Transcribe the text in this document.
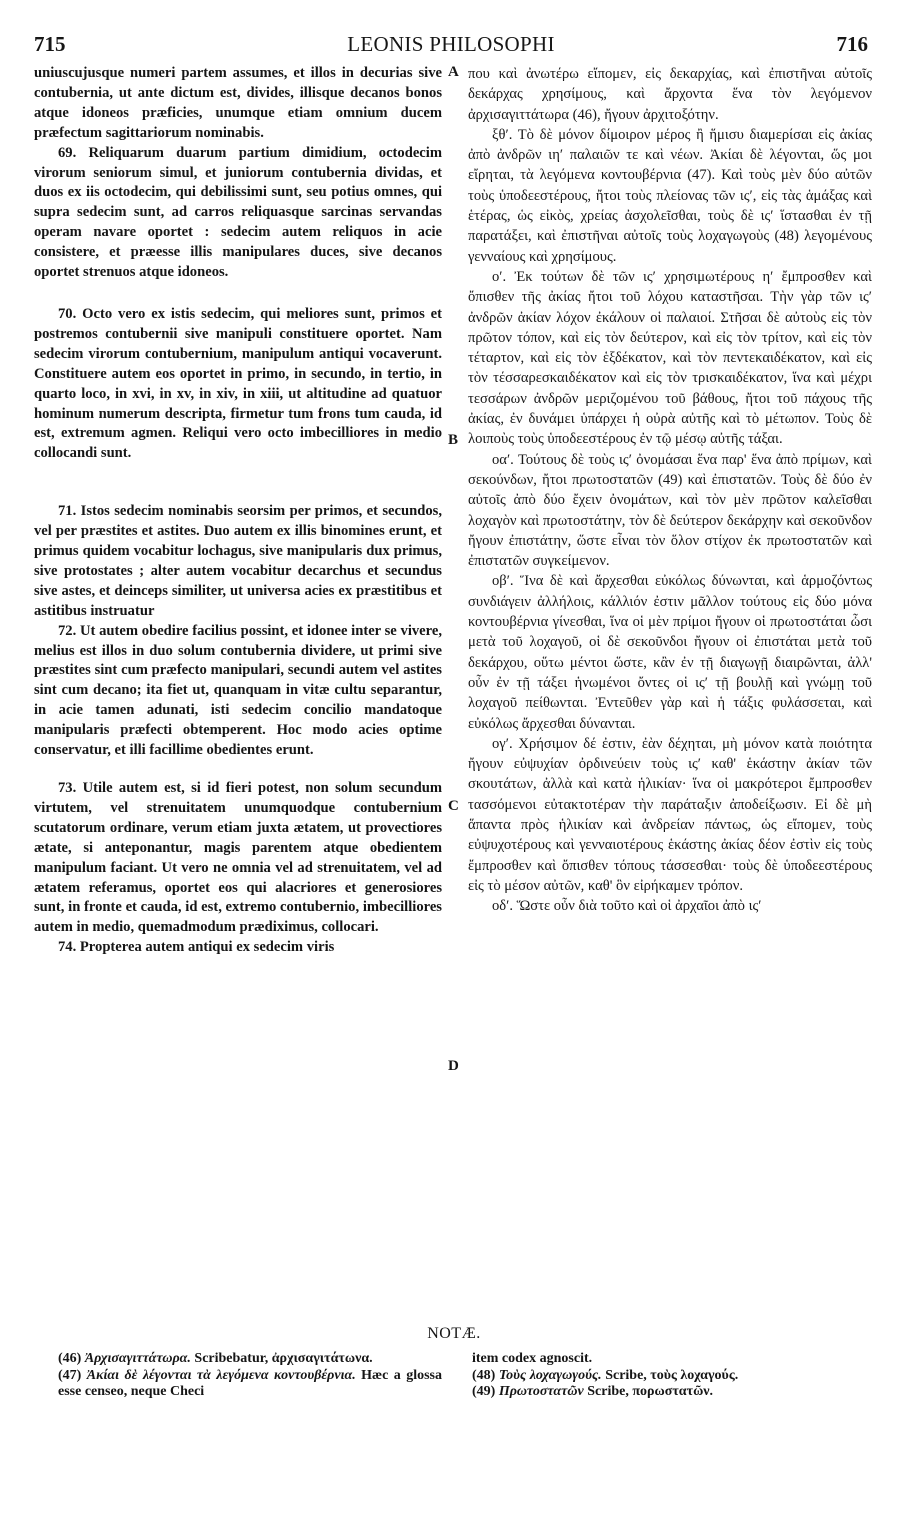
715	LEONIS PHILOSOPHI	716

uniuscujusque numeri partem assumes, et illos in decurias sive contubernia, ut ante dictum est, divides, illisque decanos bonos atque idoneos præficies, unumque etiam omnium ducem præfectum sagittariorum nominabis.

69. Reliquarum duarum partium dimidium, octodecim virorum seniorum simul, et juniorum contubernia dividas, et duos ex iis octodecim, qui debilissimi sunt, seu potius omnes, qui supra sedecim sunt, ad carros reliquasque sarcinas servandas operam navare oportet : sedecim autem reliquos in acie consistere, et præesse illis manipulares duces, sive decanos oportet strenuos atque idoneos.

70. Octo vero ex istis sedecim, qui meliores sunt, primos et postremos contubernii sive manipuli constituere oportet. Nam sedecim virorum contubernium, manipulum antiqui vocaverunt. Constituere autem eos oportet in primo, in secundo, in tertio, in quarto loco, in xvi, in xv, in xiv, in xiii, ut altitudine ad quatuor hominum numerum descripta, firmetur tum frons tum cauda, id est, extremum agmen. Reliqui vero octo imbecilliores in medio collocandi sunt.

71. Istos sedecim nominabis seorsim per primos, et secundos, vel per præstites et astites. Duo autem ex illis binomines erunt, et primus quidem vocabitur lochagus, sive manipularis dux primus, sive protostates ; alter autem vocabitur decarchus et secundus sive astes, et deinceps similiter, ut universa acies ex præstitibus et astitibus instruatur

72. Ut autem obedire facilius possint, et idonee inter se vivere, melius est illos in duo solum contubernia dividere, ut primi sive præstites sint cum præfecto manipulari, secundi autem vel astites sint cum decano; ita fiet ut, quanquam in vitæ cultu separantur, in acie tamen adunati, isti sedecim concilio mandatoque manipularis præfecti obtemperent. Hoc modo acies optime conservatur, et illi facillime obedientes erunt.

73. Utile autem est, si id fieri potest, non solum secundum virtutem, vel strenuitatem unumquodque contubernium scutatorum ordinare, verum etiam juxta ætatem, ut provectiores ætate, si anteponantur, magis parentem atque obedientem manipulum faciant. Ut vero ne omnia vel ad strenuitatem, vel ad ætatem referamus, oportet eos qui alacriores et generosiores sunt, in fronte et cauda, id est, extremo contubernio, imbecilliores autem in medio, quemadmodum prædiximus, collocari.

74. Propterea autem antiqui ex sedecim viris

A
B
C
D

που καὶ ἀνωτέρω εἴπομεν, εἰς δεκαρχίας, καὶ ἐπιστῆναι αὐτοῖς δεκάρχας χρησίμους, καὶ ἄρχοντα ἕνα τὸν λεγόμενον ἀρχισαγιττάτωρα (46), ἤγουν ἀρχιτοξότην.

ξθʹ. Τὸ δὲ μόνον δίμοιρον μέρος ἢ ἥμισυ διαμερίσαι εἰς ἀκίας ἀπὸ ἀνδρῶν ιηʹ παλαιῶν τε καὶ νέων. Ἀκίαι δὲ λέγονται, ὥς μοι εἴρηται, τὰ λεγόμενα κοντουβέρνια (47). Καὶ τοὺς μὲν δύο αὐτῶν τοὺς ὑποδεεστέρους, ἤτοι τοὺς πλείονας τῶν ιςʹ, εἰς τὰς ἁμάξας καὶ ἑτέρας, ὡς εἰκὸς, χρείας ἀσχολεῖσθαι, τοὺς δὲ ιςʹ ἵστασθαι ἐν τῇ παρατάξει, καὶ ἐπιστῆναι αὐτοῖς τοὺς λοχαγωγοὺς (48) λεγομένους γενναίους καὶ χρησίμους.

οʹ. Ἐκ τούτων δὲ τῶν ιςʹ χρησιμωτέρους ηʹ ἔμπροσθεν καὶ ὄπισθεν τῆς ἀκίας ἤτοι τοῦ λόχου καταστῆσαι. Τὴν γὰρ τῶν ιςʹ ἀνδρῶν ἀκίαν λόχον ἐκάλουν οἱ παλαιοί. Στῆσαι δὲ αὐτοὺς εἰς τὸν πρῶτον τόπον, καὶ εἰς τὸν δεύτερον, καὶ εἰς τὸν τρίτον, καὶ εἰς τὸν τέταρτον, καὶ εἰς τὸν ἑξδέκατον, καὶ τὸν πεντεκαιδέκατον, καὶ εἰς τὸν τέσσαρεσκαιδέκατον καὶ εἰς τὸν τρισκαιδέκατον, ἵνα καὶ μέχρι τεσσάρων ἀνδρῶν μεριζομένου τοῦ βάθους, ἤτοι τοῦ πάχους τῆς ἀκίας, ἐν δυνάμει ὑπάρχει ἡ οὐρὰ αὐτῆς καὶ τὸ μέτωπον. Τοὺς δὲ λοιποὺς τοὺς ὑποδεεστέρους ἐν τῷ μέσῳ αὐτῆς τάξαι.

οαʹ. Τούτους δὲ τοὺς ιςʹ ὀνομάσαι ἕνα παρ' ἕνα ἀπὸ πρίμων, καὶ σεκούνδων, ἤτοι πρωτοστατῶν (49) καὶ ἐπιστατῶν. Τοὺς δὲ δύο ἐν αὐτοῖς ἀπὸ δύο ἔχειν ὀνομάτων, καὶ τὸν μὲν πρῶτον καλεῖσθαι λοχαγὸν καὶ πρωτοστάτην, τὸν δὲ δεύτερον δεκάρχην καὶ σεκοῦνδον ἤγουν ἐπιστάτην, ὥστε εἶναι τὸν ὅλον στίχον ἐκ πρωτοστατῶν καὶ ἐπιστατῶν συγκείμενον.

οβʹ. Ἵνα δὲ καὶ ἄρχεσθαι εὐκόλως δύνωνται, καὶ ἁρμοζόντως συνδιάγειν ἀλλήλοις, κάλλιόν ἐστιν μᾶλλον τούτους εἰς δύο μόνα κοντουβέρνια γίνεσθαι, ἵνα οἱ μὲν πρίμοι ἤγουν οἱ πρωτοστάται ὦσι μετὰ τοῦ λοχαγοῦ, οἱ δὲ σεκοῦνδοι ἤγουν οἱ ἐπιστάται μετὰ τοῦ δεκάρχου, οὕτω μέντοι ὥστε, κἂν ἐν τῇ διαγωγῇ διαιρῶνται, ἀλλ' οὖν ἐν τῇ τάξει ἡνωμένοι ὄντες οἱ ιςʹ τῇ βουλῇ καὶ γνώμῃ τοῦ λοχαγοῦ πείθωνται. Ἐντεῦθεν γὰρ καὶ ἡ τάξις φυλάσσεται, καὶ εὐκόλως ἄρχεσθαι δύνανται.

ογʹ. Χρήσιμον δέ ἐστιν, ἐὰν δέχηται, μὴ μόνον κατὰ ποιότητα ἤγουν εὐψυχίαν ὀρδινεύειν τοὺς ιςʹ καθ' ἑκάστην ἀκίαν τῶν σκουτάτων, ἀλλὰ καὶ κατὰ ἡλικίαν· ἵνα οἱ μακρότεροι ἔμπροσθεν τασσόμενοι εὐτακτοτέραν τὴν παράταξιν ἀποδείξωσιν. Εἰ δὲ μὴ ἅπαντα πρὸς ἡλικίαν καὶ ἀνδρείαν πάντως, ὡς εἴπομεν, τοὺς εὐψυχοτέρους καὶ γενναιοτέρους ἑκάστης ἀκίας δέον ἐστὶν εἰς τοὺς ἔμπροσθεν καὶ ὄπισθεν τόπους τάσσεσθαι· τοὺς δὲ ὑποδεεστέρους εἰς τὸ μέσον αὐτῶν, καθ' ὃν εἰρήκαμεν τρόπον.

οδʹ. Ὥστε οὖν διὰ τοῦτο καὶ οἱ ἀρχαῖοι ἀπὸ ιςʹ

NOTÆ.

(46) Ἀρχισαγιττάτωρα. Scribebatur, ἀρχισαγιτάτωνα.

(47) Ἀκίαι δὲ λέγονται τὰ λεγόμενα κοντουβέρνια. Hæc a glossa esse censeo, neque Checi

item codex agnoscit.

(48) Τοὺς λοχαγωγούς. Scribe, τοὺς λοχαγούς.

(49) Πρωτοστατῶν Scribe, πορωστατῶν.
